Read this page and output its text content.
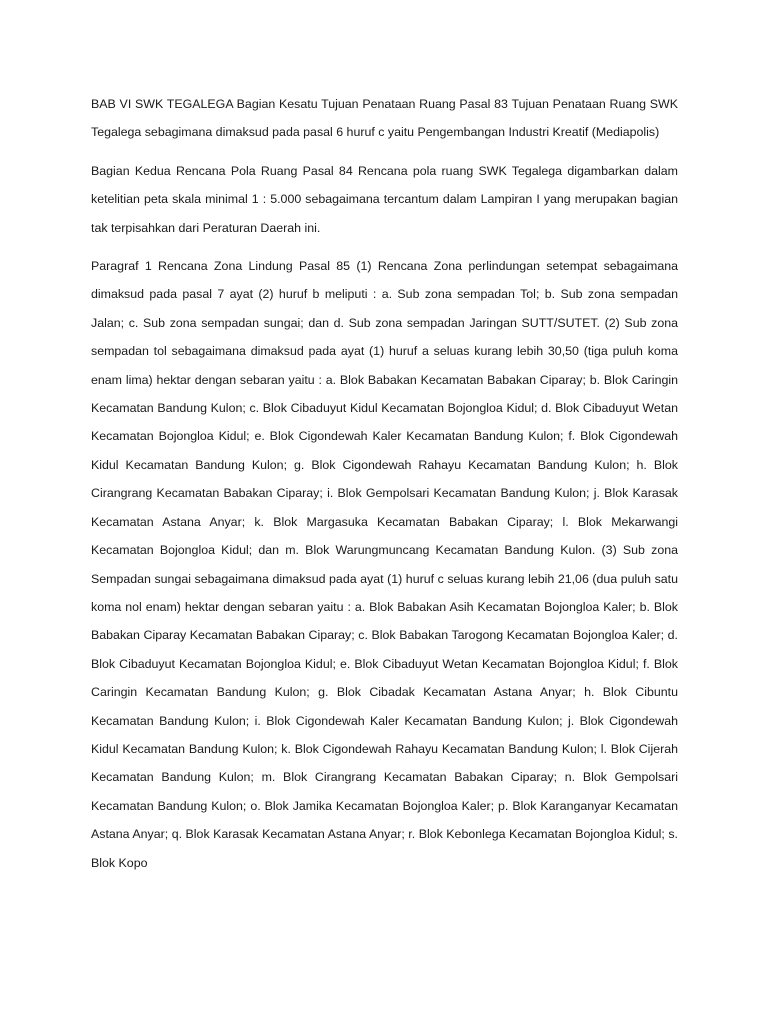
BAB VI SWK TEGALEGA Bagian Kesatu Tujuan Penataan Ruang Pasal 83 Tujuan Penataan Ruang SWK Tegalega sebagimana dimaksud pada pasal 6 huruf c yaitu Pengembangan Industri Kreatif (Mediapolis)

Bagian Kedua Rencana Pola Ruang Pasal 84 Rencana pola ruang SWK Tegalega digambarkan dalam ketelitian peta skala minimal 1 : 5.000 sebagaimana tercantum dalam Lampiran I yang merupakan bagian tak terpisahkan dari Peraturan Daerah ini.

Paragraf 1 Rencana Zona Lindung Pasal 85 (1) Rencana Zona perlindungan setempat sebagaimana dimaksud pada pasal 7 ayat (2) huruf b meliputi : a. Sub zona sempadan Tol; b. Sub zona sempadan Jalan; c. Sub zona sempadan sungai; dan d. Sub zona sempadan Jaringan SUTT/SUTET. (2) Sub zona sempadan tol sebagaimana dimaksud pada ayat (1) huruf a seluas kurang lebih 30,50 (tiga puluh koma enam lima) hektar dengan sebaran yaitu : a. Blok Babakan Kecamatan Babakan Ciparay; b. Blok Caringin Kecamatan Bandung Kulon; c. Blok Cibaduyut Kidul Kecamatan Bojongloa Kidul; d. Blok Cibaduyut Wetan Kecamatan Bojongloa Kidul; e. Blok Cigondewah Kaler Kecamatan Bandung Kulon; f. Blok Cigondewah Kidul Kecamatan Bandung Kulon; g. Blok Cigondewah Rahayu Kecamatan Bandung Kulon; h. Blok Cirangrang Kecamatan Babakan Ciparay; i. Blok Gempolsari Kecamatan Bandung Kulon; j. Blok Karasak Kecamatan Astana Anyar; k. Blok Margasuka Kecamatan Babakan Ciparay; l. Blok Mekarwangi Kecamatan Bojongloa Kidul; dan m. Blok Warungmuncang Kecamatan Bandung Kulon. (3) Sub zona Sempadan sungai sebagaimana dimaksud pada ayat (1) huruf c seluas kurang lebih 21,06 (dua puluh satu koma nol enam) hektar dengan sebaran yaitu : a. Blok Babakan Asih Kecamatan Bojongloa Kaler; b. Blok Babakan Ciparay Kecamatan Babakan Ciparay; c. Blok Babakan Tarogong Kecamatan Bojongloa Kaler; d. Blok Cibaduyut Kecamatan Bojongloa Kidul; e. Blok Cibaduyut Wetan Kecamatan Bojongloa Kidul; f. Blok Caringin Kecamatan Bandung Kulon; g. Blok Cibadak Kecamatan Astana Anyar; h. Blok Cibuntu Kecamatan Bandung Kulon; i. Blok Cigondewah Kaler Kecamatan Bandung Kulon; j. Blok Cigondewah Kidul Kecamatan Bandung Kulon; k. Blok Cigondewah Rahayu Kecamatan Bandung Kulon; l. Blok Cijerah Kecamatan Bandung Kulon; m. Blok Cirangrang Kecamatan Babakan Ciparay; n. Blok Gempolsari Kecamatan Bandung Kulon; o. Blok Jamika Kecamatan Bojongloa Kaler; p. Blok Karanganyar Kecamatan Astana Anyar; q. Blok Karasak Kecamatan Astana Anyar; r. Blok Kebonlega Kecamatan Bojongloa Kidul; s. Blok Kopo
